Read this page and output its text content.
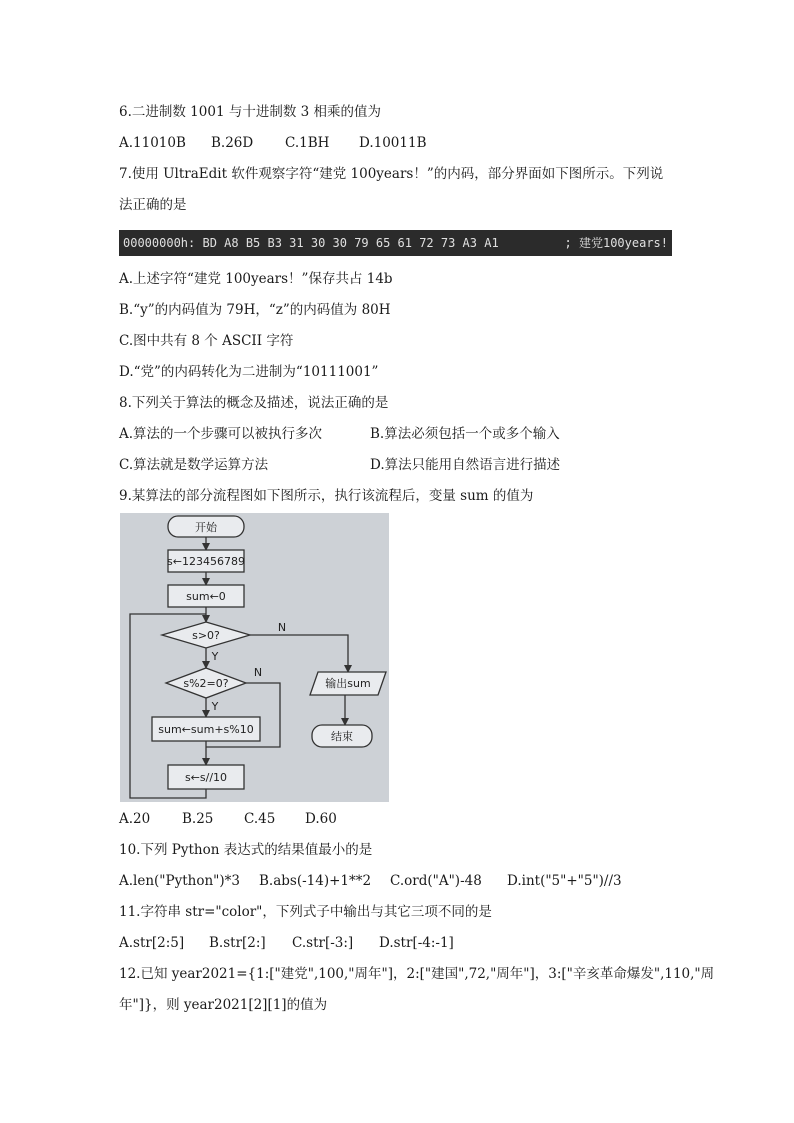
6.二进制数 1001 与十进制数 3 相乘的值为
A.11010B B.26D C.1BH D.10011B
7.使用 UltraEdit 软件观察字符“建党 100years！”的内码，部分界面如下图所示。下列说
法正确的是
00000000h: BD A8 B5 B3 31 30 30 79 65 61 72 73 A3 A1	; 建党100years!
A.上述字符“建党 100years！”保存共占 14b
B.“y”的内码值为 79H，“z”的内码值为 80H
C.图中共有 8 个 ASCII 字符
D.“党”的内码转化为二进制为“10111001”
8.下列关于算法的概念及描述，说法正确的是
A.算法的一个步骤可以被执行多次	B.算法必须包括一个或多个输入
C.算法就是数学运算方法	D.算法只能用自然语言进行描述
9.某算法的部分流程图如下图所示，执行该流程后，变量 sum 的值为
开始
s←123456789
sum←0
s>0?
N
Y
s%2=0?
N
Y
sum←sum+s%10
s←s//10
输出sum
结束
A.20 B.25 C.45 D.60
10.下列 Python 表达式的结果值最小的是
A.len("Python")*3 B.abs(-14)+1**2 C.ord("A")-48 D.int("5"+"5")//3
11.字符串 str="color"，下列式子中输出与其它三项不同的是
A.str[2:5] B.str[2:] C.str[-3:] D.str[-4:-1]
12.已知 year2021={1:["建党",100,"周年"]，2:["建国",72,"周年"]，3:["辛亥革命爆发",110,"周
年"]}，则 year2021[2][1]的值为
